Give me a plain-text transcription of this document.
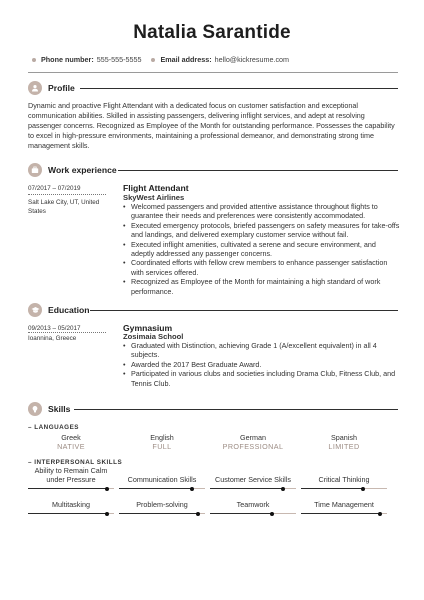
Natalia Sarantide
Phone number: 555-555-5555	Email address: hello@kickresume.com
Profile
Dynamic and proactive Flight Attendant with a dedicated focus on customer satisfaction and exceptional communication abilities. Skilled in assisting passengers, delivering inflight services, and adept at resolving passenger concerns. Recognized as Employee of the Month for outstanding performance. Possesses the capability to excel in high-pressure environments, maintaining a professional demeanor, and demonstrating strong time management skills.
Work experience
07/2017 – 07/2019
Salt Lake City, UT, United States
Flight Attendant
SkyWest Airlines
• Welcomed passengers and provided attentive assistance throughout flights to guarantee their needs and preferences were consistently accommodated.
• Executed emergency protocols, briefed passengers on safety measures for take-offs and landings, and delivered exemplary customer service without fail.
• Executed inflight amenities, cultivated a serene and secure environment, and adeptly addressed any passenger concerns.
• Coordinated efforts with fellow crew members to enhance passenger satisfaction with services offered.
• Recognized as Employee of the Month for maintaining a high standard of work performance.
Education
09/2013 – 05/2017
Ioannina, Greece
Gymnasium
Zosimaia School
• Graduated with Distinction, achieving Grade 1 (A/excellent equivalent) in all 4 subjects.
• Awarded the 2017 Best Graduate Award.
• Participated in various clubs and societies including Drama Club, Fitness Club, and Tennis Club.
Skills
– LANGUAGES
Greek
NATIVE
English
FULL
German
PROFESSIONAL
Spanish
LIMITED
– INTERPERSONAL SKILLS
Ability to Remain Calm under Pressure	Communication Skills	Customer Service Skills	Critical Thinking
Multitasking	Problem-solving	Teamwork	Time Management
